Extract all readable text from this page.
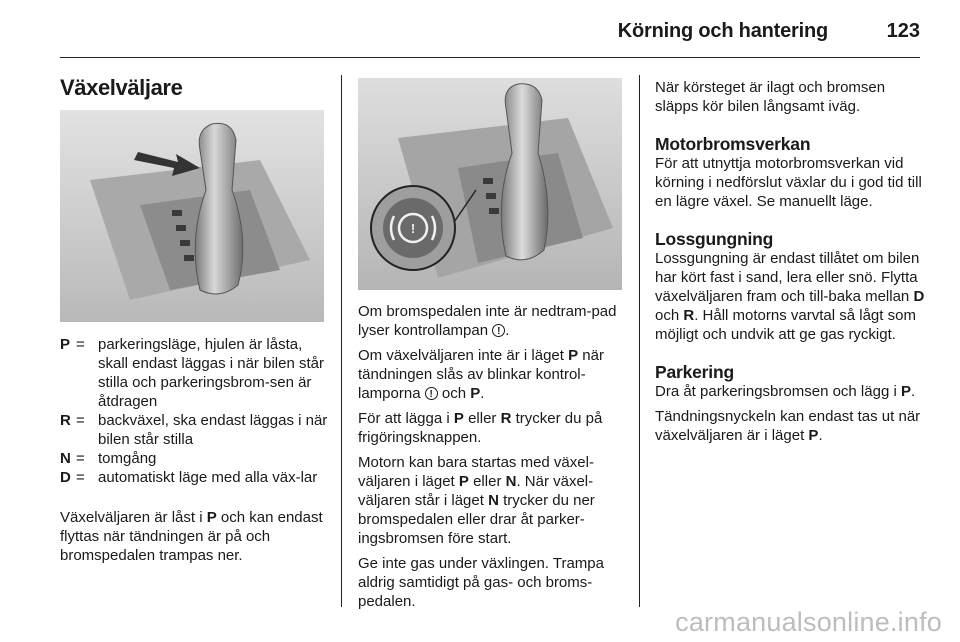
Körning och hantering	123
Växelväljare
P = parkeringsläge, hjulen är låsta, skall endast läggas i när bilen står stilla och parkeringsbrom-sen är åtdragen
R = backväxel, ska endast läggas i när bilen står stilla
N = tomgång
D = automatiskt läge med alla väx-lar

Växelväljaren är låst i P och kan endast flyttas när tändningen är på och bromspedalen trampas ner.

!

Om bromspedalen inte är nedtram-pad lyser kontrollampan !.

Om växelväljaren inte är i läget P när tändningen slås av blinkar kontrol-lamporna ! och P.

För att lägga i P eller R trycker du på frigöringsknappen.

Motorn kan bara startas med växel-väljaren i läget P eller N. När växel-väljaren står i läget N trycker du ner bromspedalen eller drar åt parker-ingsbromsen före start.

Ge inte gas under växlingen. Trampa aldrig samtidigt på gas- och broms-pedalen.

När körsteget är ilagt och bromsen släpps kör bilen långsamt iväg.

Motorbromsverkan

För att utnyttja motorbromsverkan vid körning i nedförslut växlar du i god tid till en lägre växel. Se manuellt läge.

Lossgungning

Lossgungning är endast tillåtet om bilen har kört fast i sand, lera eller snö. Flytta växelväljaren fram och till-baka mellan D och R. Håll motorns varvtal så lågt som möjligt och undvik att ge gas ryckigt.

Parkering

Dra åt parkeringsbromsen och lägg i P.

Tändningsnyckeln kan endast tas ut när växelväljaren är i läget P.

carmanualsonline.info
